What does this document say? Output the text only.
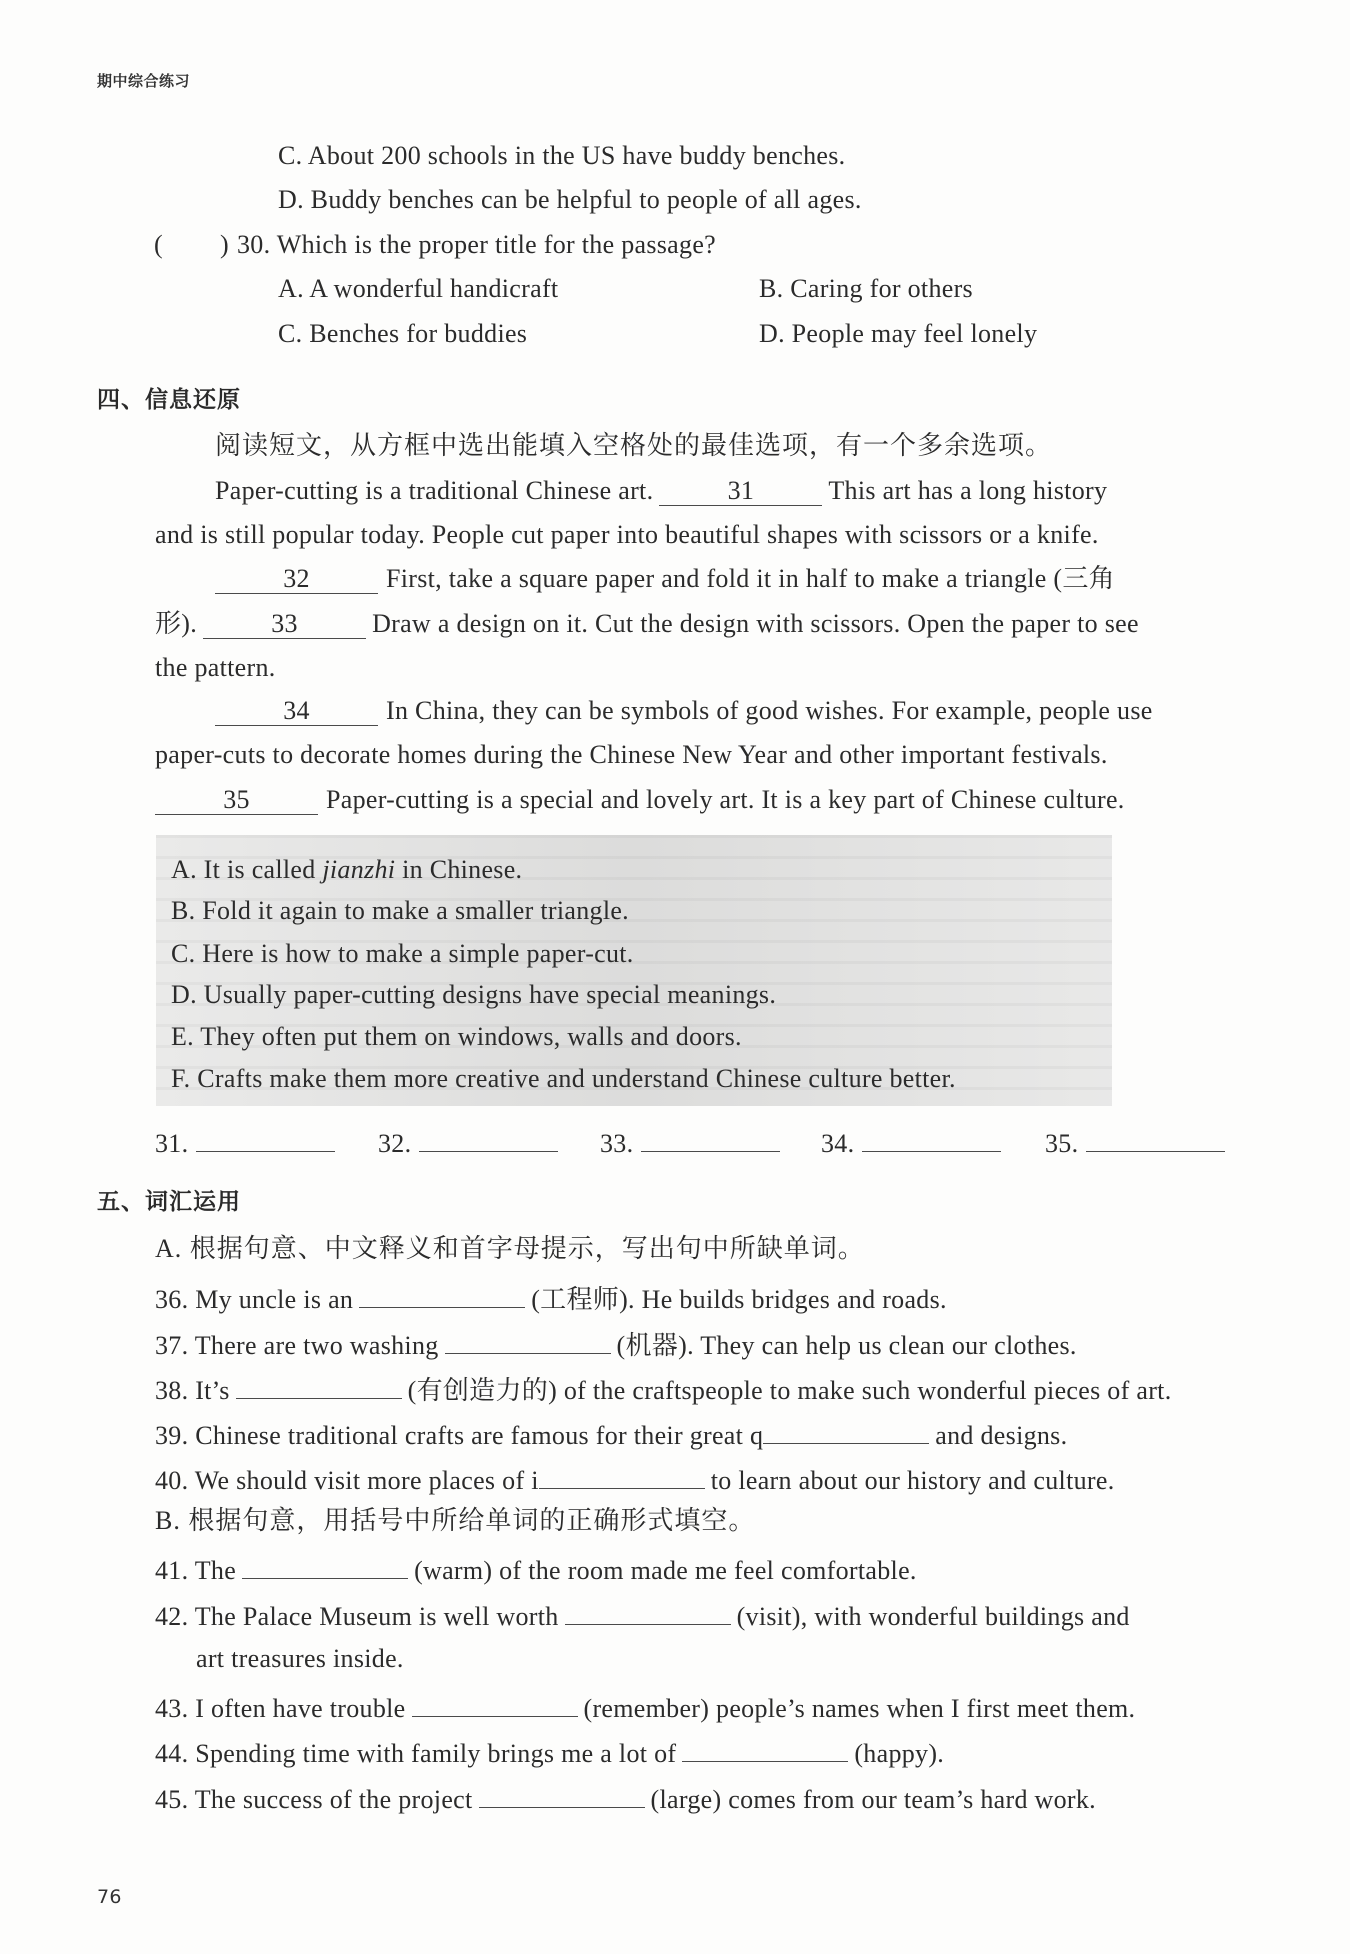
期中综合练习
C. About 200 schools in the US have buddy benches.
D. Buddy benches can be helpful to people of all ages.
( ) 30. Which is the proper title for the passage?
A. A wonderful handicraft	B. Caring for others
C. Benches for buddies	D. People may feel lonely
四、信息还原
阅读短文，从方框中选出能填入空格处的最佳选项，有一个多余选项。
Paper-cutting is a traditional Chinese art.	31	This art has a long history
and is still popular today. People cut paper into beautiful shapes with scissors or a knife.
32	First, take a square paper and fold it in half to make a triangle (三角
形).	33	Draw a design on it. Cut the design with scissors. Open the paper to see
the pattern.
34	In China, they can be symbols of good wishes. For example, people use
paper-cuts to decorate homes during the Chinese New Year and other important festivals.
35	Paper-cutting is a special and lovely art. It is a key part of Chinese culture.
A. It is called jianzhi in Chinese.
B. Fold it again to make a smaller triangle.
C. Here is how to make a simple paper-cut.
D. Usually paper-cutting designs have special meanings.
E. They often put them on windows, walls and doors.
F. Crafts make them more creative and understand Chinese culture better.
31.	32.	33.	34.	35.
五、词汇运用
A. 根据句意、中文释义和首字母提示，写出句中所缺单词。
36. My uncle is an	(工程师). He builds bridges and roads.
37. There are two washing	(机器). They can help us clean our clothes.
38. It’s	(有创造力的) of the craftspeople to make such wonderful pieces of art.
39. Chinese traditional crafts are famous for their great q	and designs.
40. We should visit more places of i	to learn about our history and culture.
B. 根据句意，用括号中所给单词的正确形式填空。
41. The	(warm) of the room made me feel comfortable.
42. The Palace Museum is well worth	(visit), with wonderful buildings and
art treasures inside.
43. I often have trouble	(remember) people’s names when I first meet them.
44. Spending time with family brings me a lot of	(happy).
45. The success of the project	(large) comes from our team’s hard work.
76
